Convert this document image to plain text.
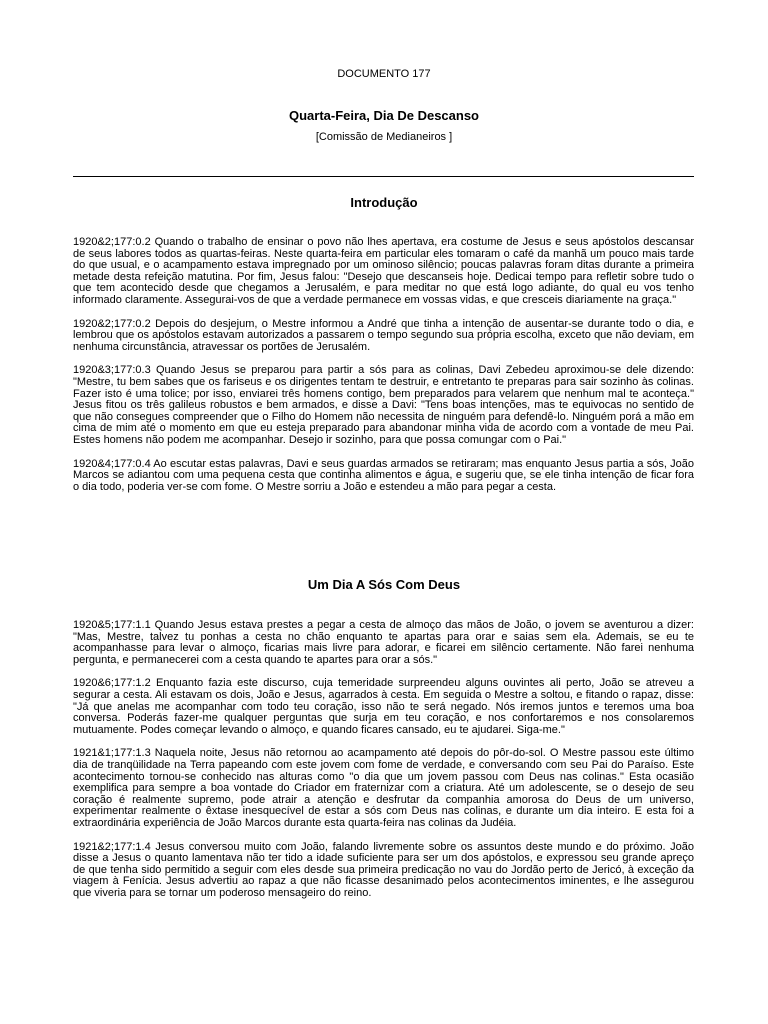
DOCUMENTO 177
Quarta-Feira, Dia De Descanso
[Comissão de Medianeiros ]
Introdução

1920&2;177:0.2 Quando o trabalho de ensinar o povo não lhes apertava, era costume de Jesus e seus apóstolos descansar de seus labores todos as quartas-feiras. Neste quarta-feira em particular eles tomaram o café da manhã um pouco mais tarde do que usual, e o acampamento estava impregnado por um ominoso silêncio; poucas palavras foram ditas durante a primeira metade desta refeição matutina. Por fim, Jesus falou: "Desejo que descanseis hoje. Dedicai tempo para refletir sobre tudo o que tem acontecido desde que chegamos a Jerusalém, e para meditar no que está logo adiante, do qual eu vos tenho informado claramente. Assegurai-vos de que a verdade permanece em vossas vidas, e que cresceis diariamente na graça."

1920&2;177:0.2 Depois do desjejum, o Mestre informou a André que tinha a intenção de ausentar-se durante todo o dia, e lembrou que os apóstolos estavam autorizados a passarem o tempo segundo sua própria escolha, exceto que não deviam, em nenhuma circunstância, atravessar os portões de Jerusalém.

1920&3;177:0.3 Quando Jesus se preparou para partir a sós para as colinas, Davi Zebedeu aproximou-se dele dizendo: "Mestre, tu bem sabes que os fariseus e os dirigentes tentam te destruir, e entretanto te preparas para sair sozinho às colinas. Fazer isto é uma tolice; por isso, enviarei três homens contigo, bem preparados para velarem que nenhum mal te aconteça." Jesus fitou os três galileus robustos e bem armados, e disse a Davi: "Tens boas intenções, mas te equivocas no sentido de que não consegues compreender que o Filho do Homem não necessita de ninguém para defendê-lo. Ninguém porá a mão em cima de mim até o momento em que eu esteja preparado para abandonar minha vida de acordo com a vontade de meu Pai. Estes homens não podem me acompanhar. Desejo ir sozinho, para que possa comungar com o Pai."

1920&4;177:0.4 Ao escutar estas palavras, Davi e seus guardas armados se retiraram; mas enquanto Jesus partia a sós, João Marcos se adiantou com uma pequena cesta que continha alimentos e água, e sugeriu que, se ele tinha intenção de ficar fora o dia todo, poderia ver-se com fome. O Mestre sorriu a João e estendeu a mão para pegar a cesta.

Um Dia A Sós Com Deus

1920&5;177:1.1 Quando Jesus estava prestes a pegar a cesta de almoço das mãos de João, o jovem se aventurou a dizer: "Mas, Mestre, talvez tu ponhas a cesta no chão enquanto te apartas para orar e saias sem ela. Ademais, se eu te acompanhasse para levar o almoço, ficarias mais livre para adorar, e ficarei em silêncio certamente. Não farei nenhuma pergunta, e permanecerei com a cesta quando te apartes para orar a sós."

1920&6;177:1.2 Enquanto fazia este discurso, cuja temeridade surpreendeu alguns ouvintes ali perto, João se atreveu a segurar a cesta. Ali estavam os dois, João e Jesus, agarrados à cesta. Em seguida o Mestre a soltou, e fitando o rapaz, disse: "Já que anelas me acompanhar com todo teu coração, isso não te será negado. Nós iremos juntos e teremos uma boa conversa. Poderás fazer-me qualquer perguntas que surja em teu coração, e nos confortaremos e nos consolaremos mutuamente. Podes começar levando o almoço, e quando ficares cansado, eu te ajudarei. Siga-me."

1921&1;177:1.3 Naquela noite, Jesus não retornou ao acampamento até depois do pôr-do-sol. O Mestre passou este último dia de tranqüilidade na Terra papeando com este jovem com fome de verdade, e conversando com seu Pai do Paraíso. Este acontecimento tornou-se conhecido nas alturas como "o dia que um jovem passou com Deus nas colinas." Esta ocasião exemplifica para sempre a boa vontade do Criador em fraternizar com a criatura. Até um adolescente, se o desejo de seu coração é realmente supremo, pode atrair a atenção e desfrutar da companhia amorosa do Deus de um universo, experimentar realmente o êxtase inesquecível de estar a sós com Deus nas colinas, e durante um dia inteiro. E esta foi a extraordinária experiência de João Marcos durante esta quarta-feira nas colinas da Judéia.

1921&2;177:1.4 Jesus conversou muito com João, falando livremente sobre os assuntos deste mundo e do próximo. João disse a Jesus o quanto lamentava não ter tido a idade suficiente para ser um dos apóstolos, e expressou seu grande apreço de que tenha sido permitido a seguir com eles desde sua primeira predicação no vau do Jordão perto de Jericó, à exceção da viagem à Fenícia. Jesus advertiu ao rapaz a que não ficasse desanimado pelos acontecimentos iminentes, e lhe assegurou que viveria para se tornar um poderoso mensageiro do reino.
